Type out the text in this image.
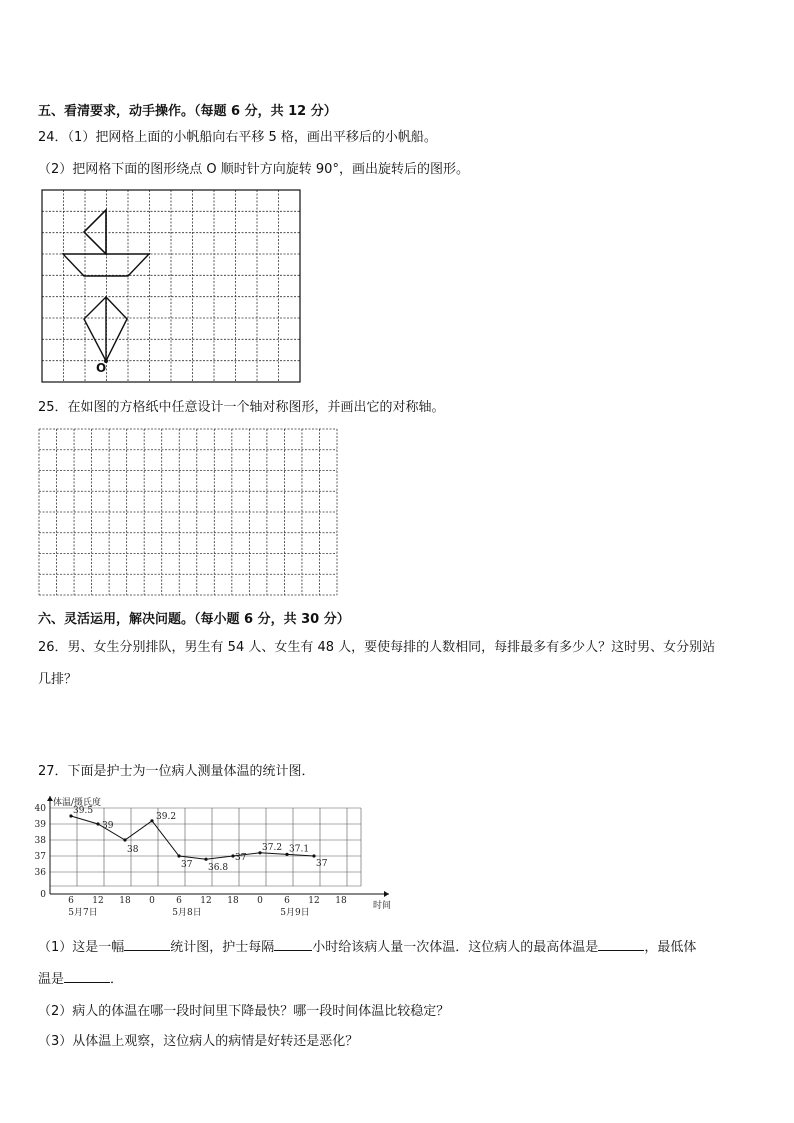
五、看清要求，动手操作。（每题 6 分，共 12 分）
24．（1）把网格上面的小帆船向右平移 5 格，画出平移后的小帆船。
（2）把网格下面的图形绕点 O 顺时针方向旋转 90°，画出旋转后的图形。
O
25．在如图的方格纸中任意设计一个轴对称图形，并画出它的对称轴。
六、灵活运用，解决问题。（每小题 6 分，共 30 分）
26．男、女生分别排队，男生有 54 人、女生有 48 人，要使每排的人数相同，每排最多有多少人？这时男、女分别站
几排？
27．下面是护士为一位病人测量体温的统计图．
体温/摄氏度
时间
0
36
37
38
39
40
6 12 18 0 6 12 18 0 6 12 18
5月7日	5月8日	5月9日
39.5
39
38
39.2
37 36.8
37
37.2 37.1
37
（1）这是一幅	统计图，护士每隔	小时给该病人量一次体温．这位病人的最高体温是	，最低体
温是	．
（2）病人的体温在哪一段时间里下降最快？哪一段时间体温比较稳定？
（3）从体温上观察，这位病人的病情是好转还是恶化？
